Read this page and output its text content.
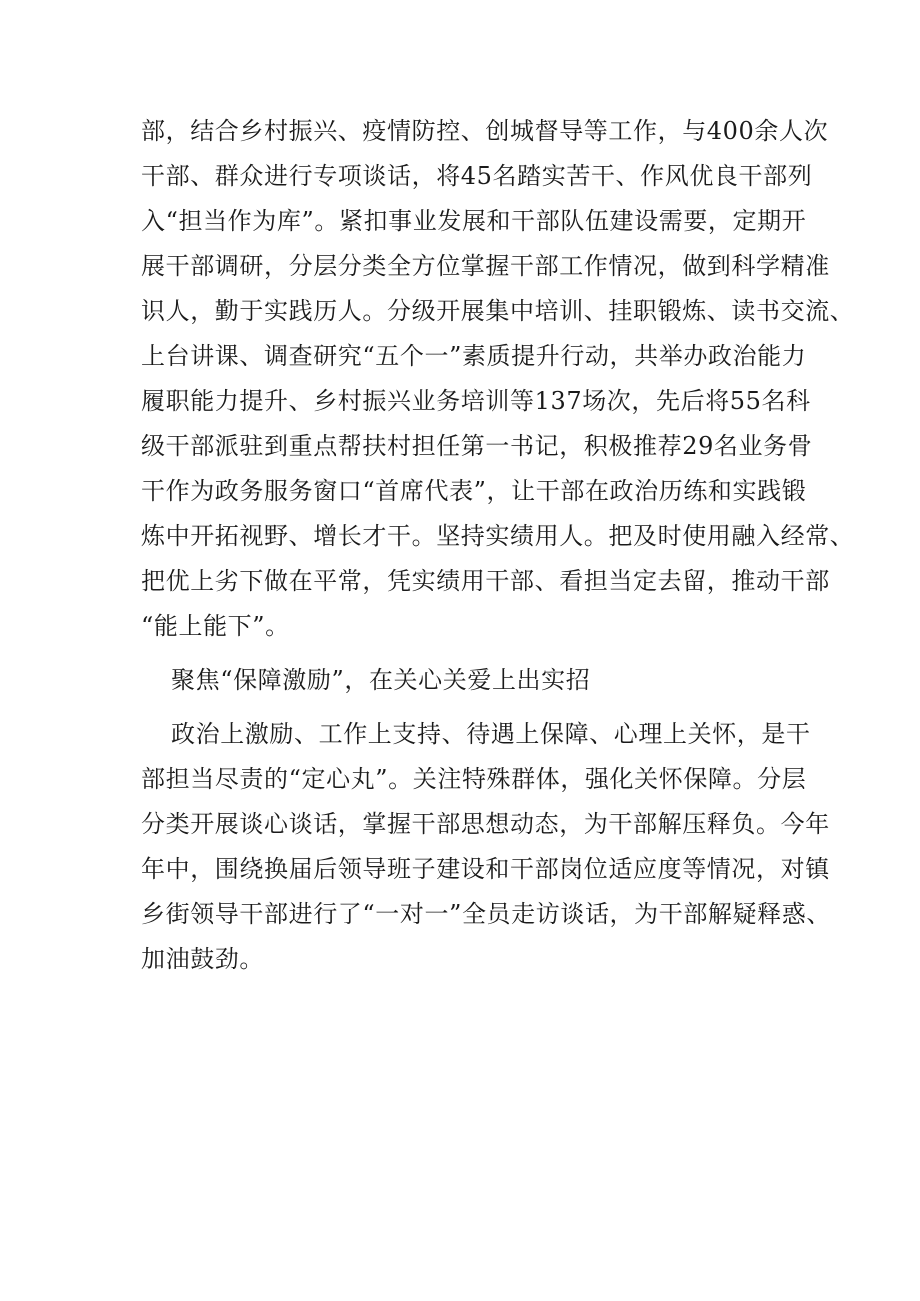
部，结合乡村振兴、疫情防控、创城督导等工作，与400余人次
干部、群众进行专项谈话，将45名踏实苦干、作风优良干部列
入“担当作为库”。紧扣事业发展和干部队伍建设需要，定期开
展干部调研，分层分类全方位掌握干部工作情况，做到科学精准
识人，勤于实践历人。分级开展集中培训、挂职锻炼、读书交流、
上台讲课、调查研究“五个一”素质提升行动，共举办政治能力
履职能力提升、乡村振兴业务培训等137场次，先后将55名科
级干部派驻到重点帮扶村担任第一书记，积极推荐29名业务骨
干作为政务服务窗口“首席代表”，让干部在政治历练和实践锻
炼中开拓视野、增长才干。坚持实绩用人。把及时使用融入经常、
把优上劣下做在平常，凭实绩用干部、看担当定去留，推动干部
“能上能下”。
聚焦“保障激励”，在关心关爱上出实招
政治上激励、工作上支持、待遇上保障、心理上关怀，是干
部担当尽责的“定心丸”。关注特殊群体，强化关怀保障。分层
分类开展谈心谈话，掌握干部思想动态，为干部解压释负。今年
年中，围绕换届后领导班子建设和干部岗位适应度等情况，对镇
乡街领导干部进行了“一对一”全员走访谈话，为干部解疑释惑、
加油鼓劲。
